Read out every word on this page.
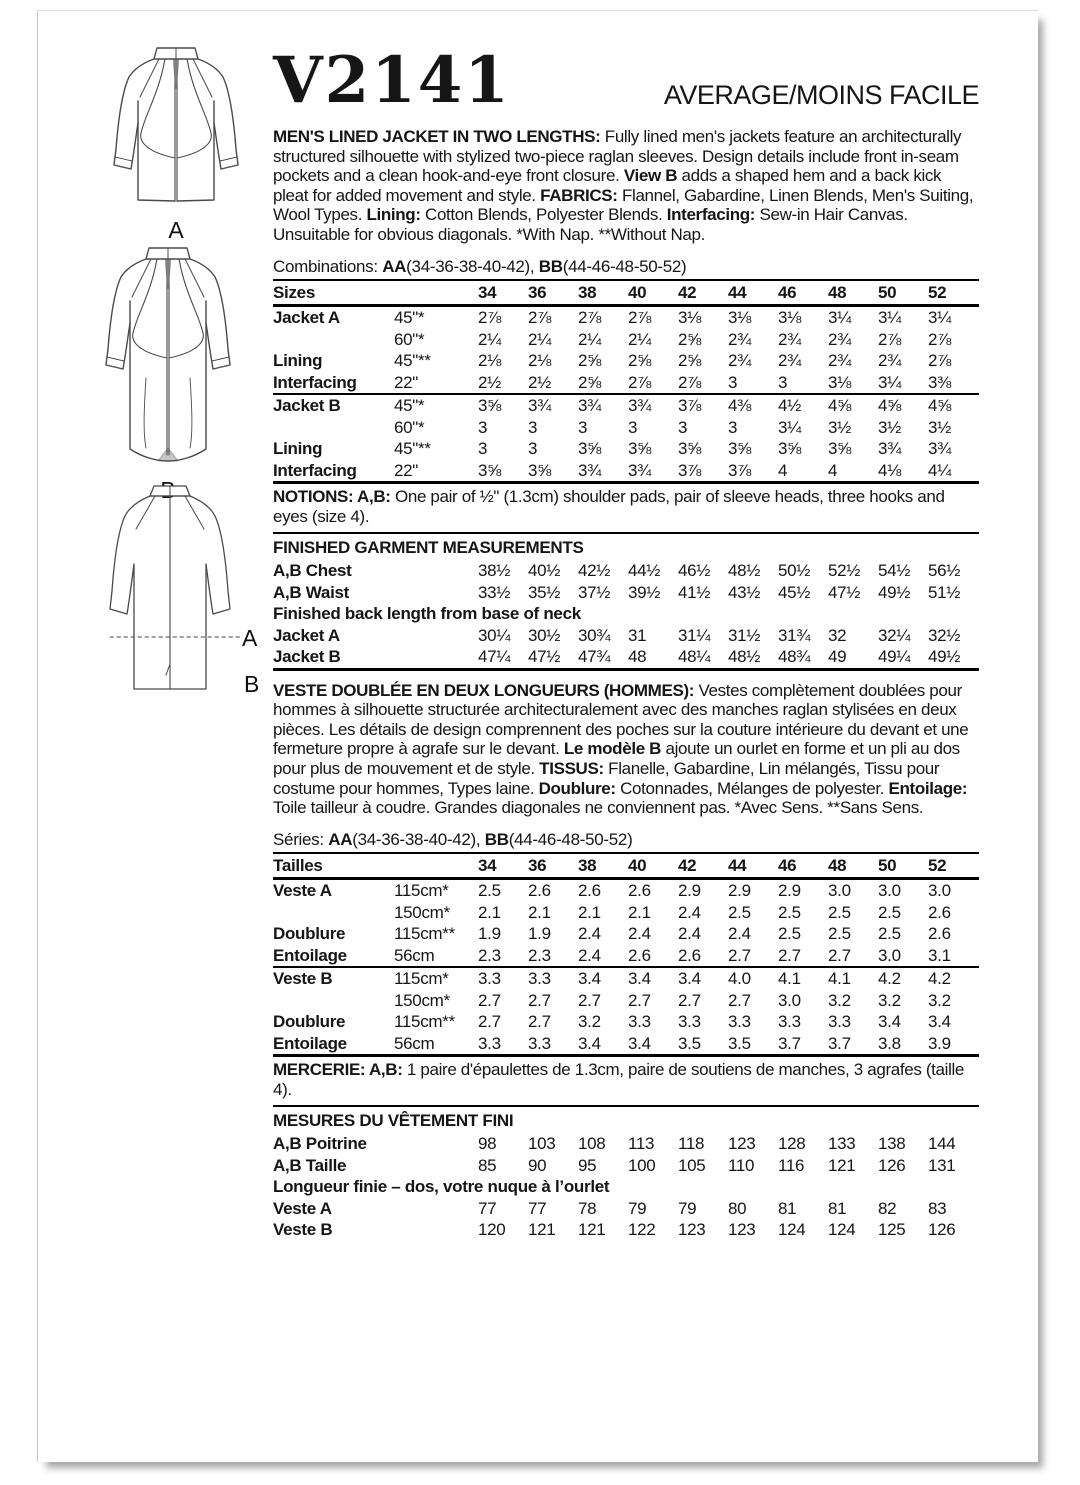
A
A
B
V2141	AVERAGE/MOINS FACILE

MEN'S LINED JACKET IN TWO LENGTHS: Fully lined men's jackets feature an architecturally structured silhouette with stylized two-piece raglan sleeves. Design details include front in-seam pockets and a clean hook-and-eye front closure. View B adds a shaped hem and a back kick pleat for added movement and style. FABRICS: Flannel, Gabardine, Linen Blends, Men's Suiting, Wool Types. Lining: Cotton Blends, Polyester Blends. Interfacing: Sew-in Hair Canvas. Unsuitable for obvious diagonals. *With Nap. **Without Nap.

Combinations: AA(34-36-38-40-42), BB(44-46-48-50-52)

Sizes	34	36	38	40	42	44	46	48	50	52
Jacket A	45"*	2⅞	2⅞	2⅞	2⅞	3⅛	3⅛	3⅛	3¼	3¼	3¼
60"*	2¼	2¼	2¼	2¼	2⅝	2¾	2¾	2¾	2⅞	2⅞
Lining	45"**	2⅛	2⅛	2⅝	2⅝	2⅝	2¾	2¾	2¾	2¾	2⅞
Interfacing	22"	2½	2½	2⅝	2⅞	2⅞	3	3	3⅛	3¼	3⅜
Jacket B	45"*	3⅝	3¾	3¾	3¾	3⅞	4⅜	4½	4⅝	4⅝	4⅝
60"*	3	3	3	3	3	3	3¼	3½	3½	3½
Lining	45"**	3	3	3⅝	3⅝	3⅝	3⅝	3⅝	3⅝	3¾	3¾
Interfacing	22"	3⅝	3⅝	3¾	3¾	3⅞	3⅞	4	4	4⅛	4¼

NOTIONS: A,B: One pair of ½" (1.3cm) shoulder pads, pair of sleeve heads, three hooks and eyes (size 4).

FINISHED GARMENT MEASUREMENTS
A,B Chest	38½	40½	42½	44½	46½	48½	50½	52½	54½	56½
A,B Waist	33½	35½	37½	39½	41½	43½	45½	47½	49½	51½
Finished back length from base of neck
Jacket A	30¼	30½	30¾	31	31¼	31½	31¾	32	32¼	32½
Jacket B	47¼	47½	47¾	48	48¼	48½	48¾	49	49¼	49½

VESTE DOUBLÉE EN DEUX LONGUEURS (HOMMES): Vestes complètement doublées pour hommes à silhouette structurée architecturalement avec des manches raglan stylisées en deux pièces. Les détails de design comprennent des poches sur la couture intérieure du devant et une fermeture propre à agrafe sur le devant. Le modèle B ajoute un ourlet en forme et un pli au dos pour plus de mouvement et de style. TISSUS: Flanelle, Gabardine, Lin mélangés, Tissu pour costume pour hommes, Types laine. Doublure: Cotonnades, Mélanges de polyester. Entoilage: Toile tailleur à coudre. Grandes diagonales ne conviennent pas. *Avec Sens. **Sans Sens.

Séries: AA(34-36-38-40-42), BB(44-46-48-50-52)

Tailles	34	36	38	40	42	44	46	48	50	52
Veste A	115cm*	2.5	2.6	2.6	2.6	2.9	2.9	2.9	3.0	3.0	3.0
150cm*	2.1	2.1	2.1	2.1	2.4	2.5	2.5	2.5	2.5	2.6
Doublure	115cm**	1.9	1.9	2.4	2.4	2.4	2.4	2.5	2.5	2.5	2.6
Entoilage	56cm	2.3	2.3	2.4	2.6	2.6	2.7	2.7	2.7	3.0	3.1
Veste B	115cm*	3.3	3.3	3.4	3.4	3.4	4.0	4.1	4.1	4.2	4.2
150cm*	2.7	2.7	2.7	2.7	2.7	2.7	3.0	3.2	3.2	3.2
Doublure	115cm**	2.7	2.7	3.2	3.3	3.3	3.3	3.3	3.3	3.4	3.4
Entoilage	56cm	3.3	3.3	3.4	3.4	3.5	3.5	3.7	3.7	3.8	3.9

MERCERIE: A,B: 1 paire d'épaulettes de 1.3cm, paire de soutiens de manches, 3 agrafes (taille 4).

MESURES DU VÊTEMENT FINI
A,B Poitrine	98	103	108	113	118	123	128	133	138	144
A,B Taille	85	90	95	100	105	110	116	121	126	131
Longueur finie – dos, votre nuque à l’ourlet
Veste A	77	77	78	79	79	80	81	81	82	83
Veste B	120	121	121	122	123	123	124	124	125	126
